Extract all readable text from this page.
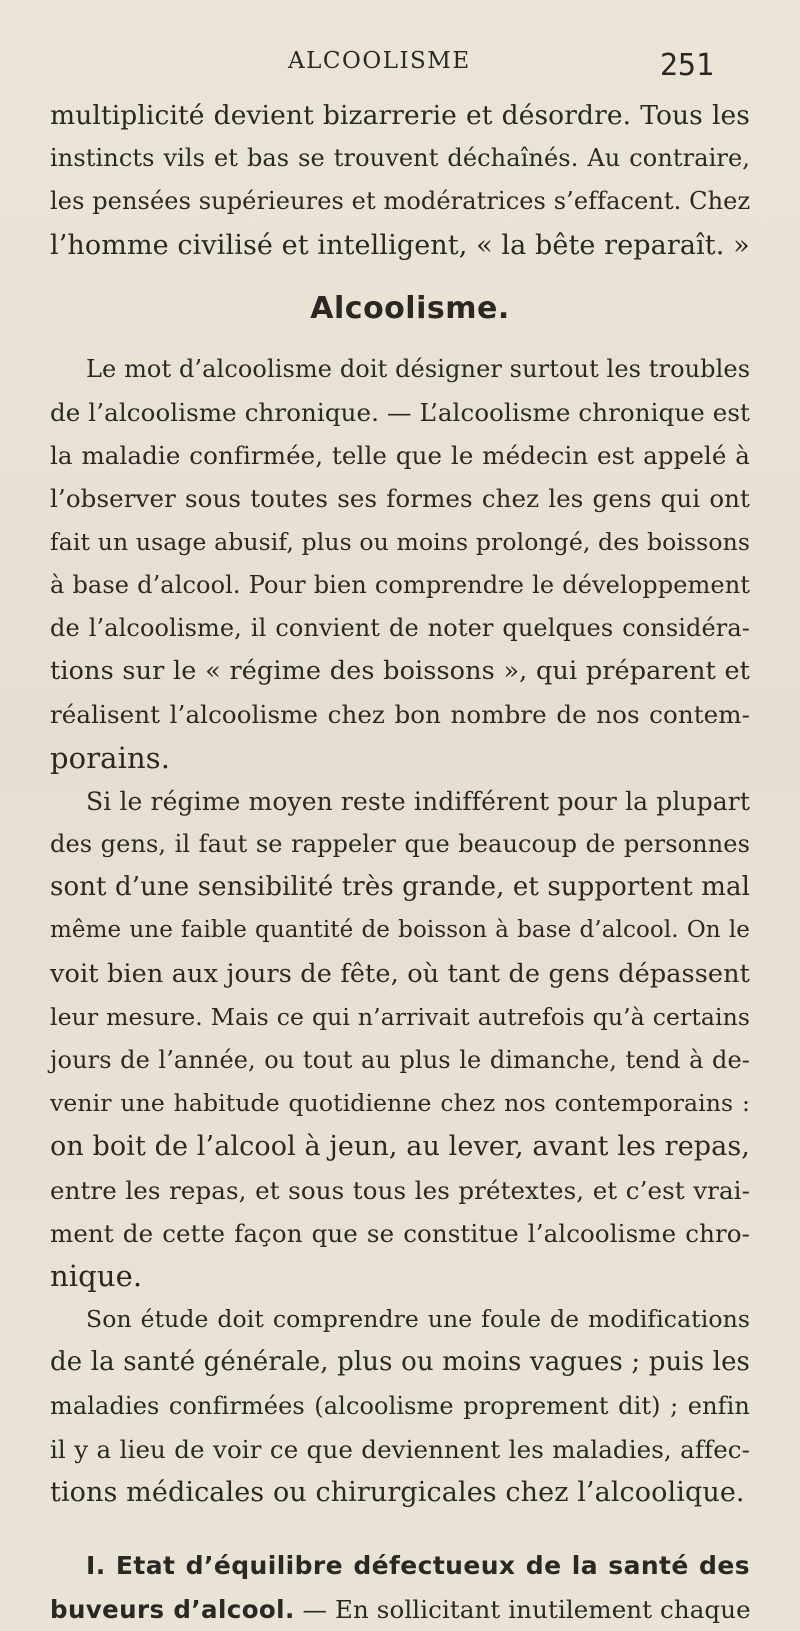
ALCOOLISME	251
multiplicité devient bizarrerie et désordre. Tous les
instincts vils et bas se trouvent déchaînés. Au contraire,
les pensées supérieures et modératrices s’effacent. Chez
l’homme civilisé et intelligent, « la bête reparaît. »
Alcoolisme.
Le mot d’alcoolisme doit désigner surtout les troubles
de l’alcoolisme chronique. — L’alcoolisme chronique est
la maladie confirmée, telle que le médecin est appelé à
l’observer sous toutes ses formes chez les gens qui ont
fait un usage abusif, plus ou moins prolongé, des boissons
à base d’alcool. Pour bien comprendre le développement
de l’alcoolisme, il convient de noter quelques considéra-
tions sur le « régime des boissons », qui préparent et
réalisent l’alcoolisme chez bon nombre de nos contem-
porains.
Si le régime moyen reste indifférent pour la plupart
des gens, il faut se rappeler que beaucoup de personnes
sont d’une sensibilité très grande, et supportent mal
même une faible quantité de boisson à base d’alcool. On le
voit bien aux jours de fête, où tant de gens dépassent
leur mesure. Mais ce qui n’arrivait autrefois qu’à certains
jours de l’année, ou tout au plus le dimanche, tend à de-
venir une habitude quotidienne chez nos contemporains :
on boit de l’alcool à jeun, au lever, avant les repas,
entre les repas, et sous tous les prétextes, et c’est vrai-
ment de cette façon que se constitue l’alcoolisme chro-
nique.
Son étude doit comprendre une foule de modifications
de la santé générale, plus ou moins vagues ; puis les
maladies confirmées (alcoolisme proprement dit) ; enfin
il y a lieu de voir ce que deviennent les maladies, affec-
tions médicales ou chirurgicales chez l’alcoolique.
I. Etat d’équilibre défectueux de la santé des
buveurs d’alcool. — En sollicitant inutilement chaque
